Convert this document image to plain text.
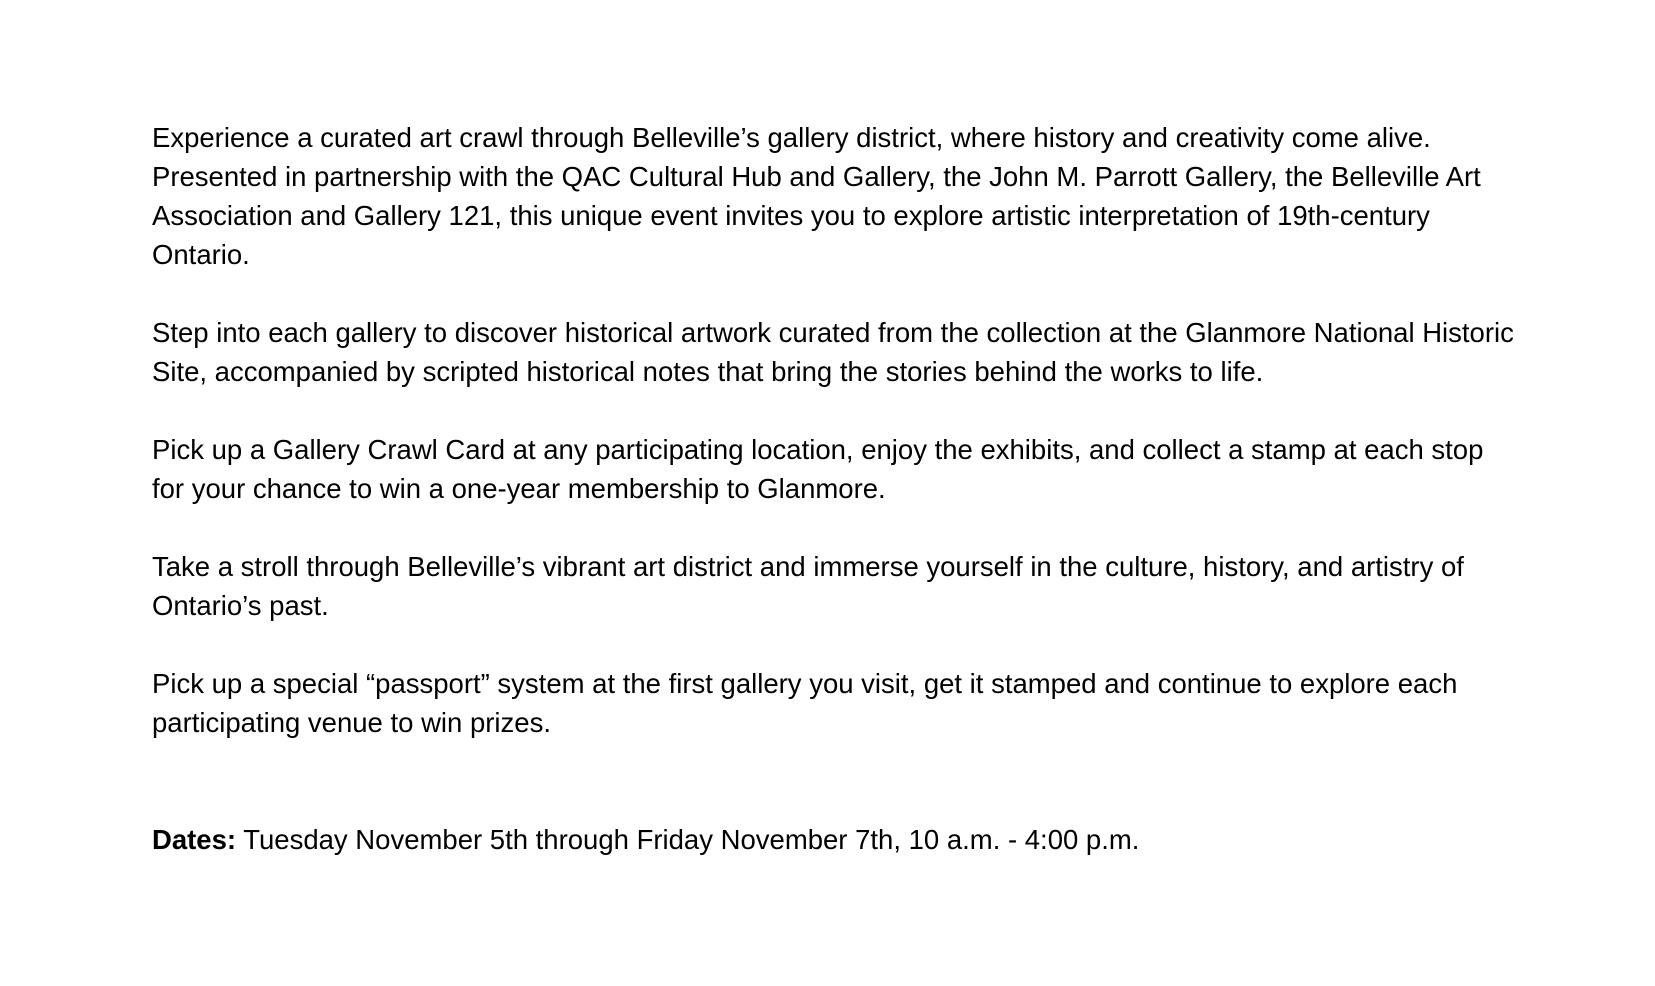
Experience a curated art crawl through Belleville’s gallery district, where history and creativity come alive.  Presented in partnership with the QAC Cultural Hub and Gallery, the John M. Parrott Gallery, the Belleville Art Association and Gallery 121, this unique event invites you to explore artistic interpretation of 19th-century Ontario.

Step into each gallery to discover historical artwork curated from the collection at the Glanmore National Historic Site, accompanied by scripted historical notes that bring the stories behind the works to life.

Pick up a Gallery Crawl Card at any participating location, enjoy the exhibits, and collect a stamp at each stop for your chance to win a one-year membership to Glanmore.

Take a stroll through Belleville’s vibrant art district and immerse yourself in the culture, history, and artistry of Ontario’s past.

Pick up a special “passport” system at the first gallery you visit, get it stamped and continue to explore each participating venue to win prizes.

Dates: Tuesday November 5th through Friday November 7th, 10 a.m. - 4:00 p.m.
